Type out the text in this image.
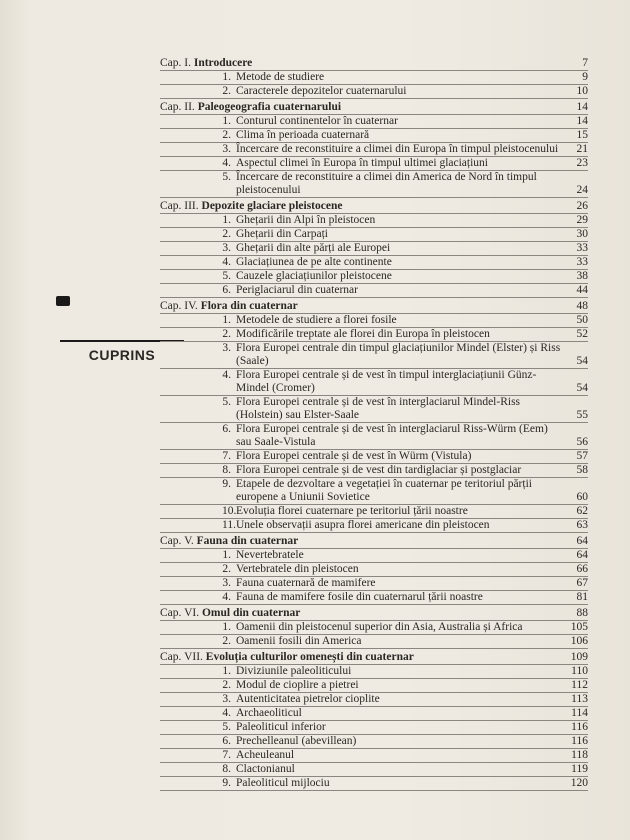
CUPRINS
Cap. I. Introducere	7
1. Metode de studiere	9
2. Caracterele depozitelor cuaternarului	10
Cap. II. Paleogeografia cuaternarului	14
1. Conturul continentelor în cuaternar	14
2. Clima în perioada cuaternară	15
3. Încercare de reconstituire a climei din Europa în timpul pleistocenului	21
4. Aspectul climei în Europa în timpul ultimei glaciațiuni	23
5. Încercare de reconstituire a climei din America de Nord în timpul pleistocenului	24
Cap. III. Depozite glaciare pleistocene	26
1. Ghețarii din Alpi în pleistocen	29
2. Ghețarii din Carpați	30
3. Ghețarii din alte părți ale Europei	33
4. Glaciațiunea de pe alte continente	33
5. Cauzele glaciațiunilor pleistocene	38
6. Periglaciarul din cuaternar	44
Cap. IV. Flora din cuaternar	48
1. Metodele de studiere a florei fosile	50
2. Modificările treptate ale florei din Europa în pleistocen	52
3. Flora Europei centrale din timpul glaciațiunilor Mindel (Elster) și Riss (Saale)	54
4. Flora Europei centrale și de vest în timpul interglaciațiunii Günz-Mindel (Cromer)	54
5. Flora Europei centrale și de vest în interglaciarul Mindel-Riss (Holstein) sau Elster-Saale	55
6. Flora Europei centrale și de vest în interglaciarul Riss-Würm (Eem) sau Saale-Vistula	56
7. Flora Europei centrale și de vest în Würm (Vistula)	57
8. Flora Europei centrale și de vest din tardiglaciar și postglaciar	58
9. Etapele de dezvoltare a vegetației în cuaternar pe teritoriul părții europene a Uniunii Sovietice	60
10. Evoluția florei cuaternare pe teritoriul țării noastre	62
11. Unele observații asupra florei americane din pleistocen	63
Cap. V. Fauna din cuaternar	64
1. Nevertebratele	64
2. Vertebratele din pleistocen	66
3. Fauna cuaternară de mamifere	67
4. Fauna de mamifere fosile din cuaternarul țării noastre	81
Cap. VI. Omul din cuaternar	88
1. Oamenii din pleistocenul superior din Asia, Australia și Africa	105
2. Oamenii fosili din America	106
Cap. VII. Evoluția culturilor omenești din cuaternar	109
1. Diviziunile paleoliticului	110
2. Modul de cioplire a pietrei	112
3. Autenticitatea pietrelor cioplite	113
4. Archaeoliticul	114
5. Paleoliticul inferior	116
6. Prechelleanul (abevillean)	116
7. Acheuleanul	118
8. Clactonianul	119
9. Paleoliticul mijlociu	120
